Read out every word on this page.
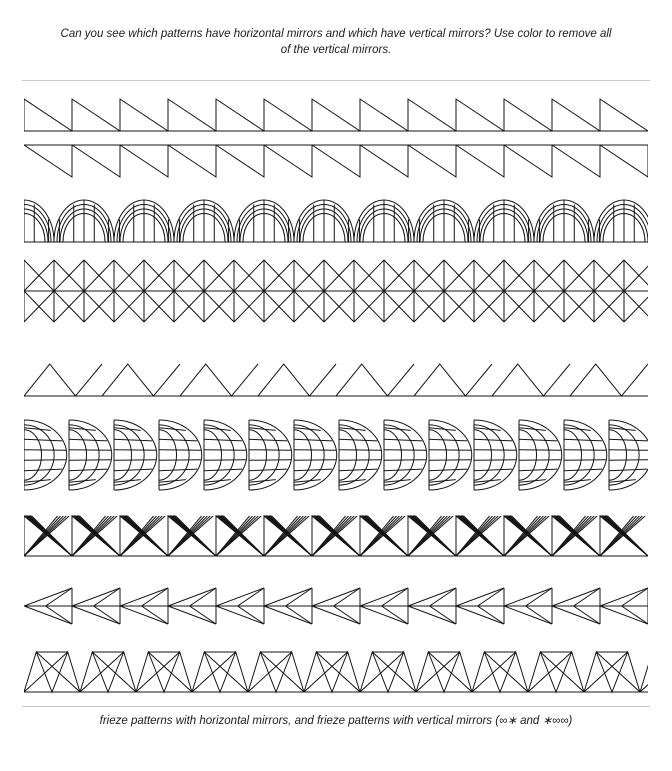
Can you see which patterns have horizontal mirrors and which have vertical mirrors? Use color to remove all of the vertical mirrors.
frieze patterns with horizontal mirrors, and frieze patterns with vertical mirrors (∞∗ and ∗∞∞)
